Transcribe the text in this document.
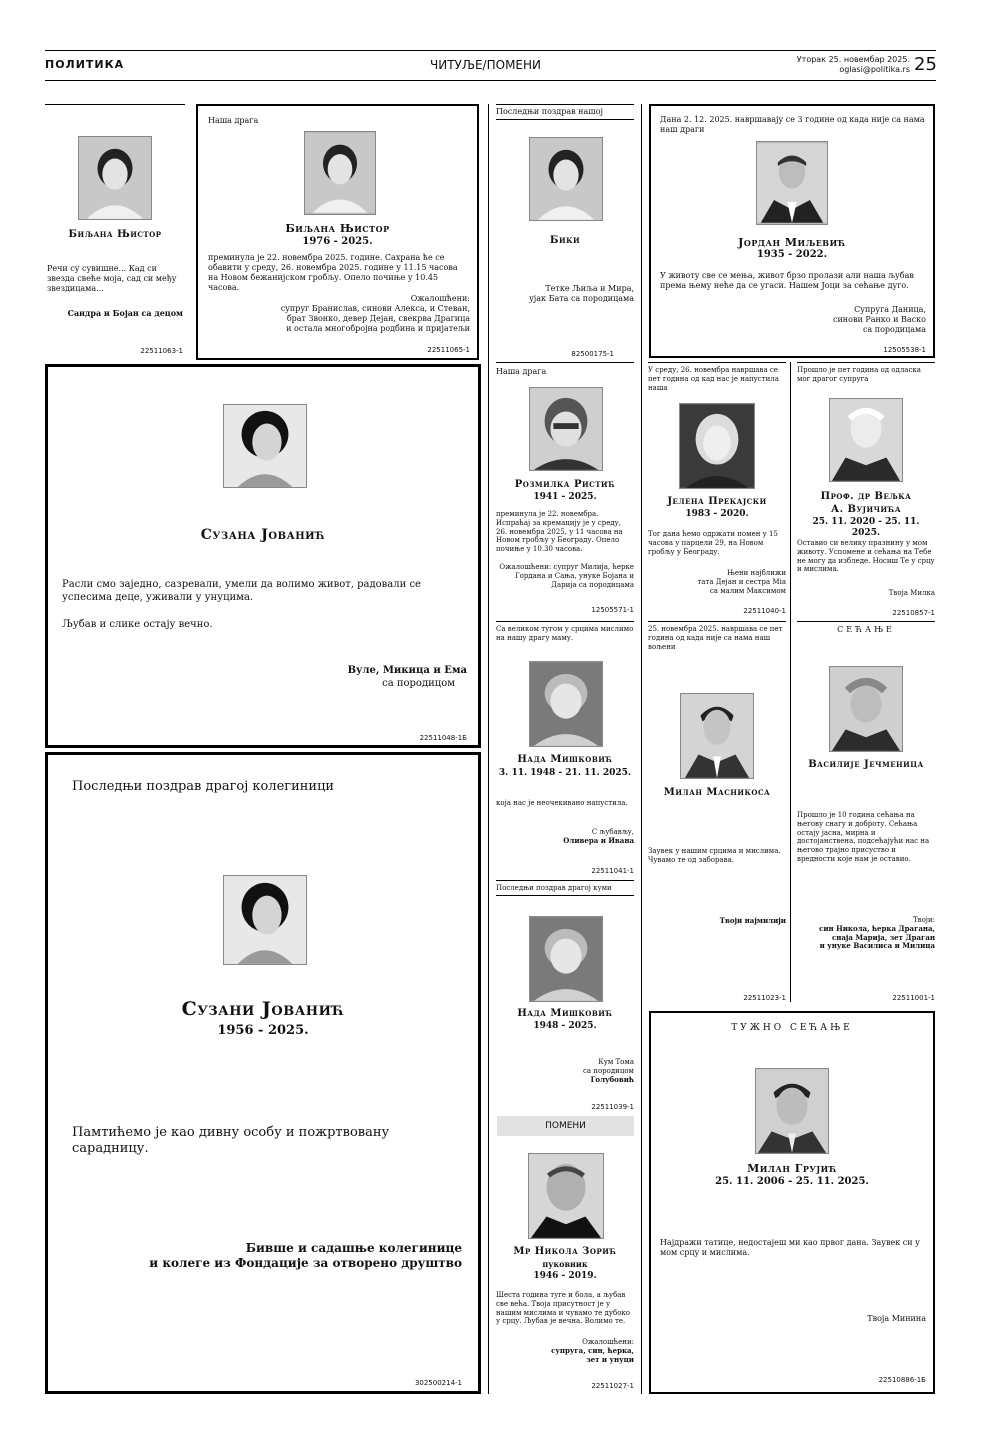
ПОЛИТИКА	ЧИТУЉЕ/ПОМЕНИ	Уторак 25. новембар 2025.
oglasi@politika.rs 25
Биљана Њистор
Речи су сувишне... Кад си звезда свеће моја, сад си међу звездицама...
Сандра и Бојан са децом
22511063-1
Наша драга
Биљана Њистор
1976 - 2025.
преминула је 22. новембра 2025. године. Сахрана ће се обавити у среду, 26. новембра 2025. године у 11.15 часова на Новом бежанијском гробљу. Опело почиње у 10.45 часова.
Ожалошћени:
супруг Бранислав, синови Алекса, и Стеван,
брат Звонко, девер Дејан, свекрва Драгица
и остала многобројна родбина и пријатељи
22511065-1
Последњи поздрав нашој
Бики
Тетке Љиља и Мира,
ујак Бата са породицама
82500175-1
Дана 2. 12. 2025. навршавају се 3 године од када није са нама наш драги
Јордан Миљевић
1935 - 2022.
У животу све се мења, живот брзо пролази али наша љубав према њему неће да се угаси. Нашем Јоци за сећање дуго.
Супруга Даница,
синови Ранко и Васко
са породицама
12505538-1
Сузана Јованић
Расли смо заједно, сазревали, умели да волимо живот, радовали се успесима деце, уживали у унуцима.
Љубав и слике остају вечно.
Вуле, Микица и Ема
са породицом
22511048-1Б
Последњи поздрав драгој колегиници
Сузани Јованић
1956 - 2025.
Памтићемо је као дивну особу и пожртвовану сарадницу.
Бивше и садашње колегинице
и колеге из Фондације за отворено друштво
302500214-1
Наша драга
Розмилка Ристић
1941 - 2025.
преминула је 22. новембра. Испраћај за кремацију је у среду, 26. новембра 2025, у 11 часова на Новом гробљу у Београду. Опело почиње у 10.30 часова.
Ожалошћени: супруг Милија, ћерке Гордана и Сања, унуке Бојана и Дарија са породицама
12505571-1
У среду, 26. новембра навршава се пет година од кад нас је напустила наша
Јелена Прекајски
1983 - 2020.
Тог дана ћемо одржати помен у 15 часова у парцели 29, на Новом гробљу у Београду.
Њени најближи
тата Дејан и сестра Мia
са малим Максимом
22511040-1
Прошло је пет година од одласка мог драгог супруга
Проф. др Вељка
А. Вујичића
25. 11. 2020 - 25. 11. 2025.
Оставио си велику празнину у мом животу. Успомене и сећања на Тебе не могу да избледе. Носиш Те у срцу и мислима.
Твоја Милка
22510857-1
Са великом тугом у срцима мислимо на нашу драгу маму.
Нада Мишковић
3. 11. 1948 - 21. 11. 2025.
која нас је неочекивано напустила.
С љубављу,
Оливера и Ивана
22511041-1
25. новембра 2025. навршава се пет година од када није са нама наш вољени
Милан Масникоса
Заувек у нашим срцима и мислима. Чувамо те од заборава.
Твоји најмилији
22511023-1
СЕЋАЊЕ
Василије Јечменица
Прошло је 10 година сећања на његову снагу и доброту. Сећања остају јасна, мирна и достојанствена, подсећајући нас на његово трајно присуство и вредности које нам је оставио.
Твоји:
син Никола, ћерка Драгана,
снаја Марија, зет Драган
и унуке Василиса и Милица
22511001-1
Последњи поздрав драгој куми
Нада Мишковић
1948 - 2025.
Кум Тома
са породицом
Голубовић
22511039-1
ПОМЕНИ
Мр Никола Зорић
пуковник
1946 - 2019.
Шеста година туге и бола, а љубав све већа. Твоја присутност је у нашим мислима и чувамо те дубоко у срцу. Љубав је вечна. Волимо те.
Ожалошћени:
супруга, син, ћерка,
зет и унуци
22511027-1
ТУЖНО СЕЋАЊЕ
Милан Грујић
25. 11. 2006 - 25. 11. 2025.
Најдражи татице, недостајеш ми као првог дана. Заувек си у мом срцу и мислима.
Твоја Минина
22510886-1Б
